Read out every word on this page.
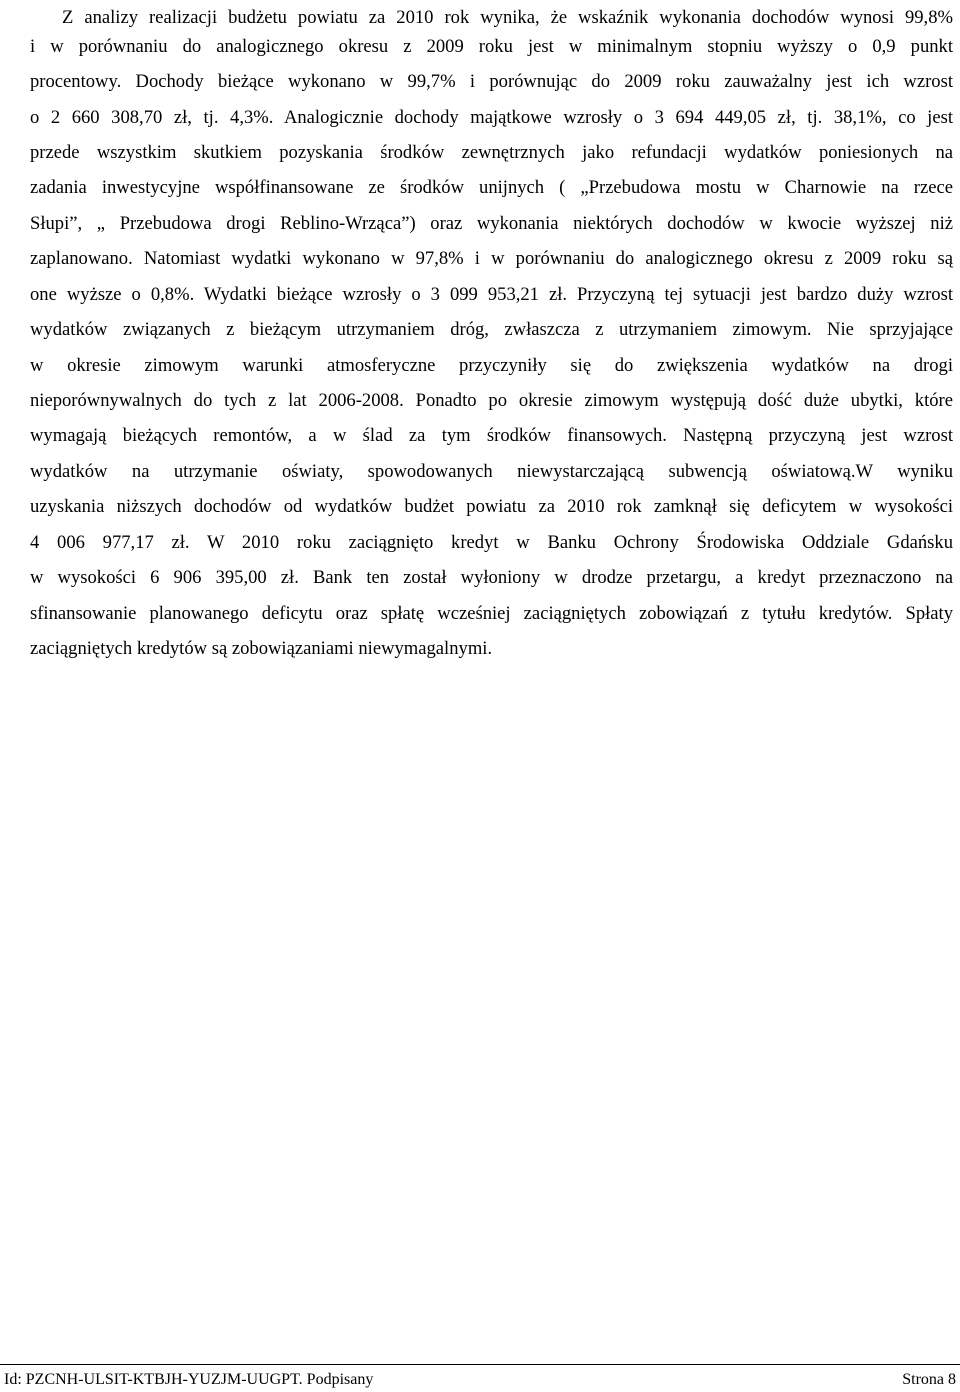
Z analizy realizacji budżetu powiatu za 2010 rok wynika, że wskaźnik wykonania dochodów wynosi 99,8%
i w porównaniu do analogicznego okresu z 2009 roku jest w minimalnym stopniu wyższy o 0,9 punkt
procentowy. Dochody bieżące wykonano w 99,7% i porównując do 2009 roku zauważalny jest ich wzrost
o 2 660 308,70 zł, tj. 4,3%. Analogicznie dochody majątkowe wzrosły o 3 694 449,05 zł, tj. 38,1%, co jest
przede wszystkim skutkiem pozyskania środków zewnętrznych jako refundacji wydatków poniesionych na
zadania inwestycyjne współfinansowane ze środków unijnych ( „Przebudowa mostu w Charnowie na rzece
Słupi”, „ Przebudowa drogi Reblino-Wrząca”) oraz wykonania niektórych dochodów w kwocie wyższej niż
zaplanowano. Natomiast wydatki wykonano w 97,8% i w porównaniu do analogicznego okresu z 2009 roku są
one wyższe o 0,8%. Wydatki bieżące wzrosły o 3 099 953,21 zł. Przyczyną tej sytuacji jest bardzo duży wzrost
wydatków związanych z bieżącym utrzymaniem dróg, zwłaszcza z utrzymaniem zimowym. Nie sprzyjające
w okresie zimowym warunki atmosferyczne przyczyniły się do zwiększenia wydatków na drogi
nieporównywalnych do tych z lat 2006-2008. Ponadto po okresie zimowym występują dość duże ubytki, które
wymagają bieżących remontów, a w ślad za tym środków finansowych. Następną przyczyną jest wzrost
wydatków na utrzymanie oświaty, spowodowanych niewystarczającą subwencją oświatową.W wyniku
uzyskania niższych dochodów od wydatków budżet powiatu za 2010 rok zamknął się deficytem w wysokości
4 006 977,17 zł. W 2010 roku zaciągnięto kredyt w Banku Ochrony Środowiska Oddziale Gdańsku
w wysokości 6 906 395,00 zł. Bank ten został wyłoniony w drodze przetargu, a kredyt przeznaczono na
sfinansowanie planowanego deficytu oraz spłatę wcześniej zaciągniętych zobowiązań z tytułu kredytów. Spłaty
zaciągniętych kredytów są zobowiązaniami niewymagalnymi.
Id: PZCNH-ULSIT-KTBJH-YUZJM-UUGPT. Podpisany	Strona 8
